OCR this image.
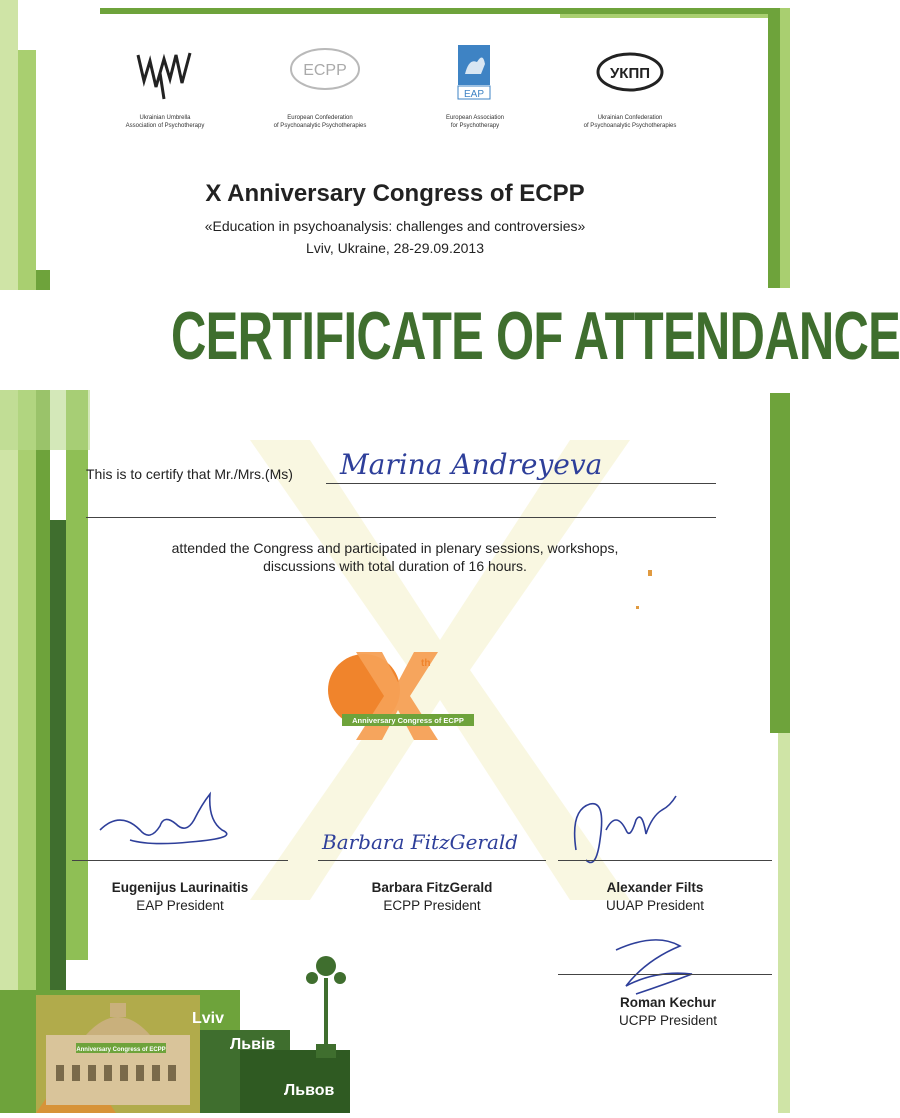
Ukrainian Umbrella
Association of Psychotherapy
ECPP
European Confederation
of Psychoanalytic Psychotherapies
EAP
European Association
for Psychotherapy
УКПП
Ukrainian Confederation
of Psychoanalytic Psychotherapies
X Anniversary Congress of ECPP
«Education in psychoanalysis: challenges and controversies»
Lviv, Ukraine, 28-29.09.2013
CERTIFICATE OF ATTENDANCE
This is to certify that Mr./Mrs.(Ms) Marina Andreyeva
attended the Congress and participated in plenary sessions, workshops,
discussions with total duration of 16 hours.
th
Anniversary Congress of ECPP
Barbara FitzGerald
Eugenijus Laurinaitis
EAP President
Barbara FitzGerald
ECPP President
Alexander Filts
UUAP President
Roman Kechur
UCPP President
Anniversary Congress of ECPP
Lviv
Львів
Львов
